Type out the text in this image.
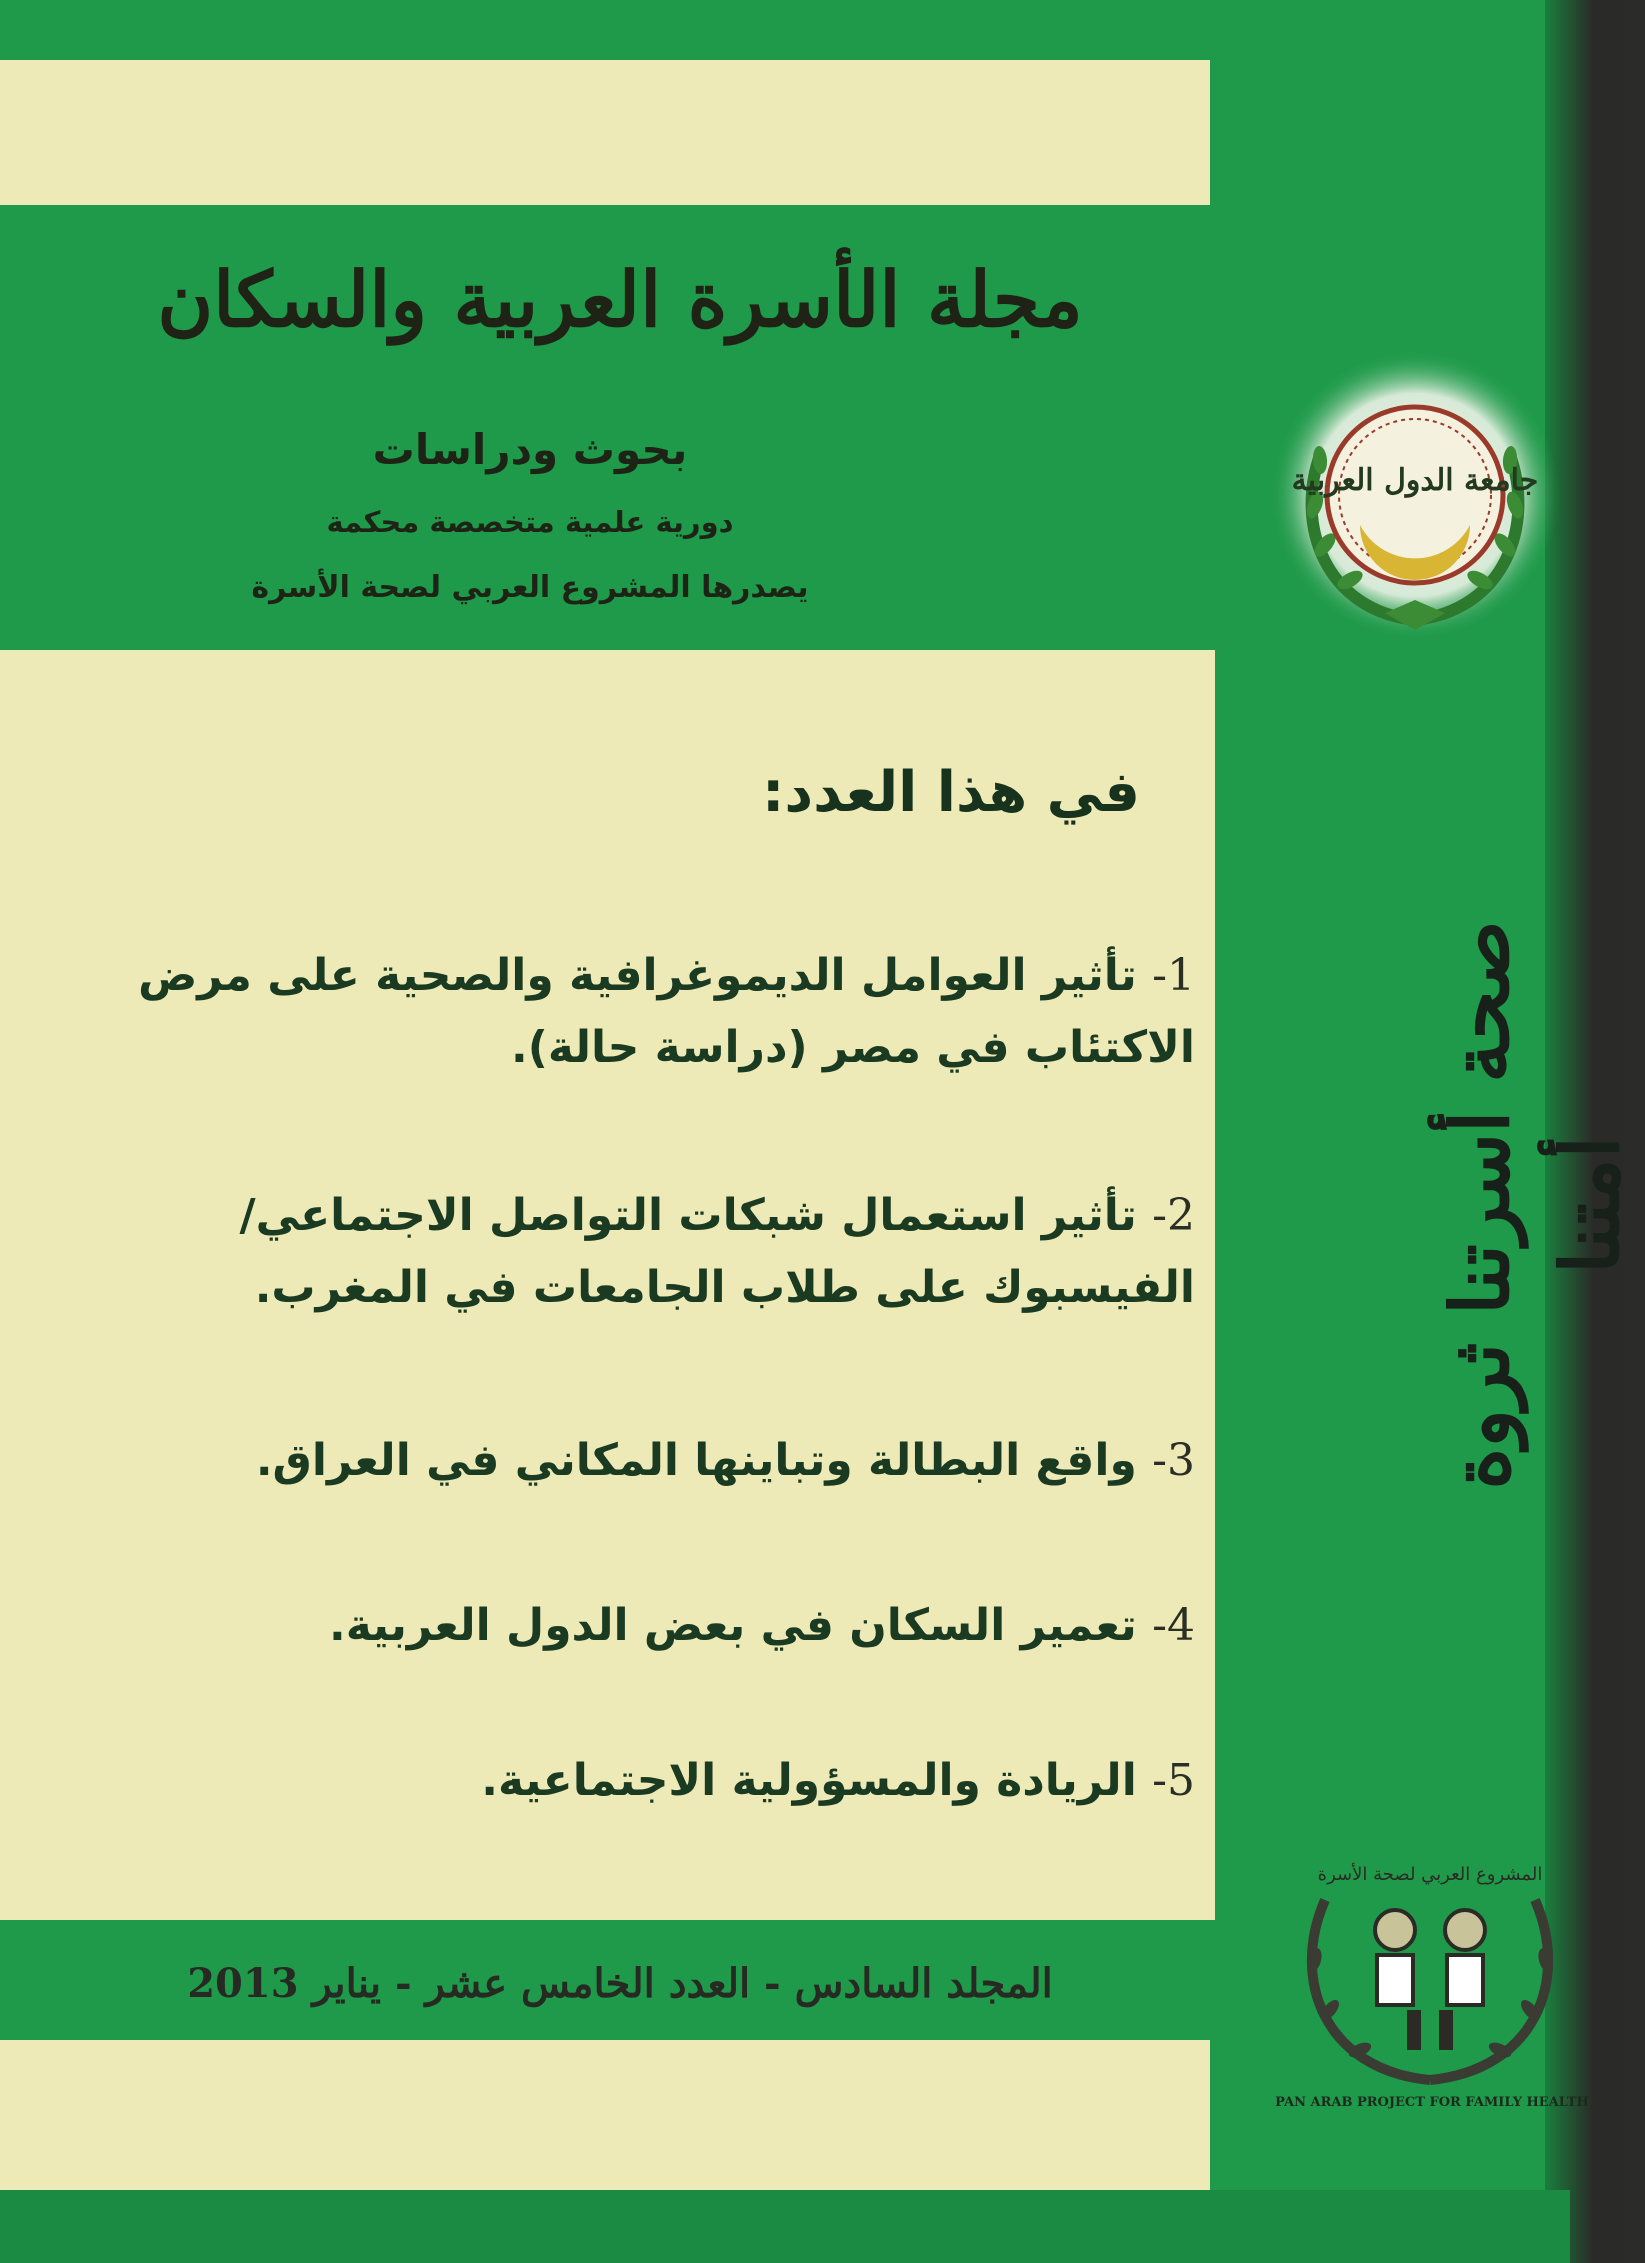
مجلة الأسرة العربية والسكان
بحوث ودراسات
دورية علمية متخصصة محكمة
يصدرها المشروع العربي لصحة الأسرة
في هذا العدد:
1- تأثير العوامل الديموغرافية والصحية على مرض الاكتئاب في مصر (دراسة حالة).
2- تأثير استعمال شبكات التواصل الاجتماعي/ الفيسبوك على طلاب الجامعات في المغرب.
3- واقع البطالة وتباينها المكاني في العراق.
4- تعمير السكان في بعض الدول العربية.
5- الريادة والمسؤولية الاجتماعية.
المجلد السادس - العدد الخامس عشر - يناير 2013
صحة أسرتنا ثروة أمتنا
جامعة الدول العربية
المشروع العربي لصحة الأسرة
PAN ARAB PROJECT FOR FAMILY HEALTH
